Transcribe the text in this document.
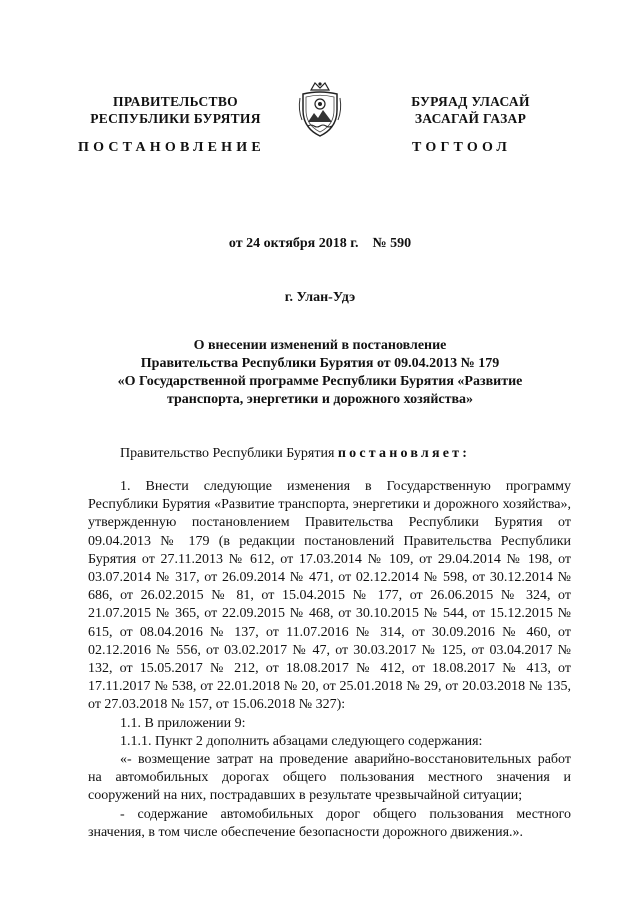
ПРАВИТЕЛЬСТВО
РЕСПУБЛИКИ БУРЯТИЯ
БУРЯАД УЛАСАЙ
ЗАСАГАЙ ГАЗАР
ПОСТАНОВЛЕНИЕ	ТОГТООЛ
от 24 октября 2018 г.    № 590
г. Улан-Удэ
О внесении изменений в постановление
Правительства Республики Бурятия от 09.04.2013 № 179
«О Государственной программе Республики Бурятия «Развитие
транспорта, энергетики и дорожного хозяйства»
Правительство Республики Бурятия постановляет:

1. Внести следующие изменения в Государственную программу Республики Бурятия «Развитие транспорта, энергетики и дорожного хозяйства», утвержденную постановлением Правительства Республики Бурятия от 09.04.2013 № 179 (в редакции постановлений Правительства Республики Бурятия от 27.11.2013 № 612, от 17.03.2014 № 109, от 29.04.2014 № 198, от 03.07.2014 № 317, от 26.09.2014 № 471, от 02.12.2014 № 598, от 30.12.2014 № 686, от 26.02.2015 № 81, от 15.04.2015 № 177, от 26.06.2015 № 324, от 21.07.2015 № 365, от 22.09.2015 № 468, от 30.10.2015 № 544, от 15.12.2015 № 615, от 08.04.2016 № 137, от 11.07.2016 № 314, от 30.09.2016 № 460, от 02.12.2016 № 556, от 03.02.2017 № 47, от 30.03.2017 № 125, от 03.04.2017 № 132, от 15.05.2017 № 212, от 18.08.2017 № 412, от 18.08.2017 № 413, от 17.11.2017 № 538, от 22.01.2018 № 20, от 25.01.2018 № 29, от 20.03.2018 № 135, от 27.03.2018 № 157, от 15.06.2018 № 327):

1.1. В приложении 9:

1.1.1. Пункт 2 дополнить абзацами следующего содержания:

«- возмещение затрат на проведение аварийно-восстановительных работ на автомобильных дорогах общего пользования местного значения и сооружений на них, пострадавших в результате чрезвычайной ситуации;

- содержание автомобильных дорог общего пользования местного значения, в том числе обеспечение безопасности дорожного движения.».
